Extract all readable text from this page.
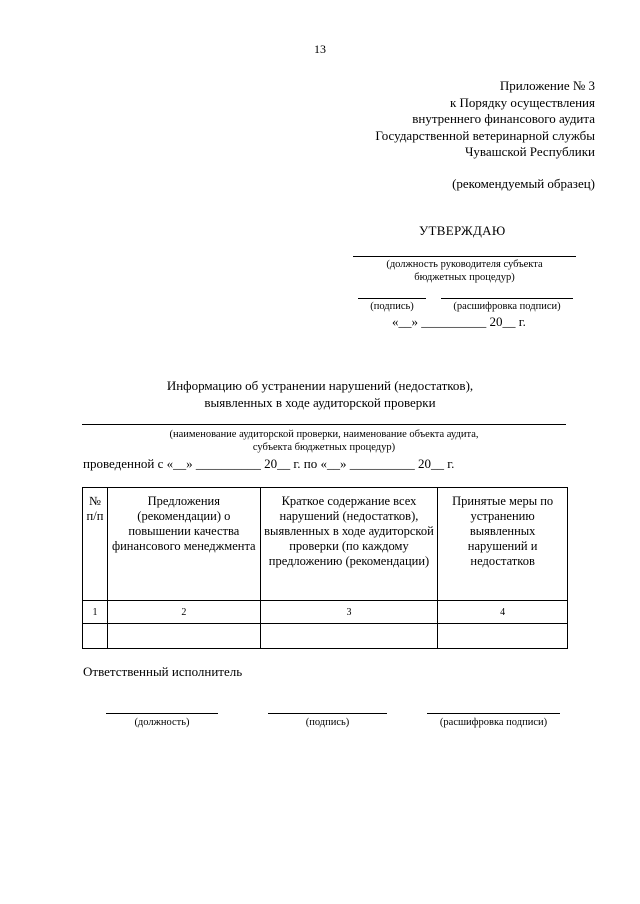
13
Приложение № 3
к Порядку осуществления
внутреннего финансового аудита
Государственной ветеринарной службы
Чувашской Республики
(рекомендуемый образец)
УТВЕРЖДАЮ
(должность руководителя субъекта
бюджетных процедур)
(подпись)	(расшифровка подписи)
«__» __________ 20__ г.
Информацию об устранении нарушений (недостатков),
выявленных в ходе аудиторской проверки
(наименование аудиторской проверки, наименование объекта аудита,
субъекта бюджетных процедур)
проведенной с «__» __________ 20__ г. по «__» __________ 20__ г.
№ п/п	Предложения (рекомендации) о повышении качества финансового менеджмента	Краткое содержание всех нарушений (недостатков), выявленных в ходе аудиторской проверки (по каждому предложению (рекомендации)	Принятые меры по устранению выявленных нарушений и недостатков
1	2	3	4

Ответственный исполнитель
(должность)	(подпись)	(расшифровка подписи)
